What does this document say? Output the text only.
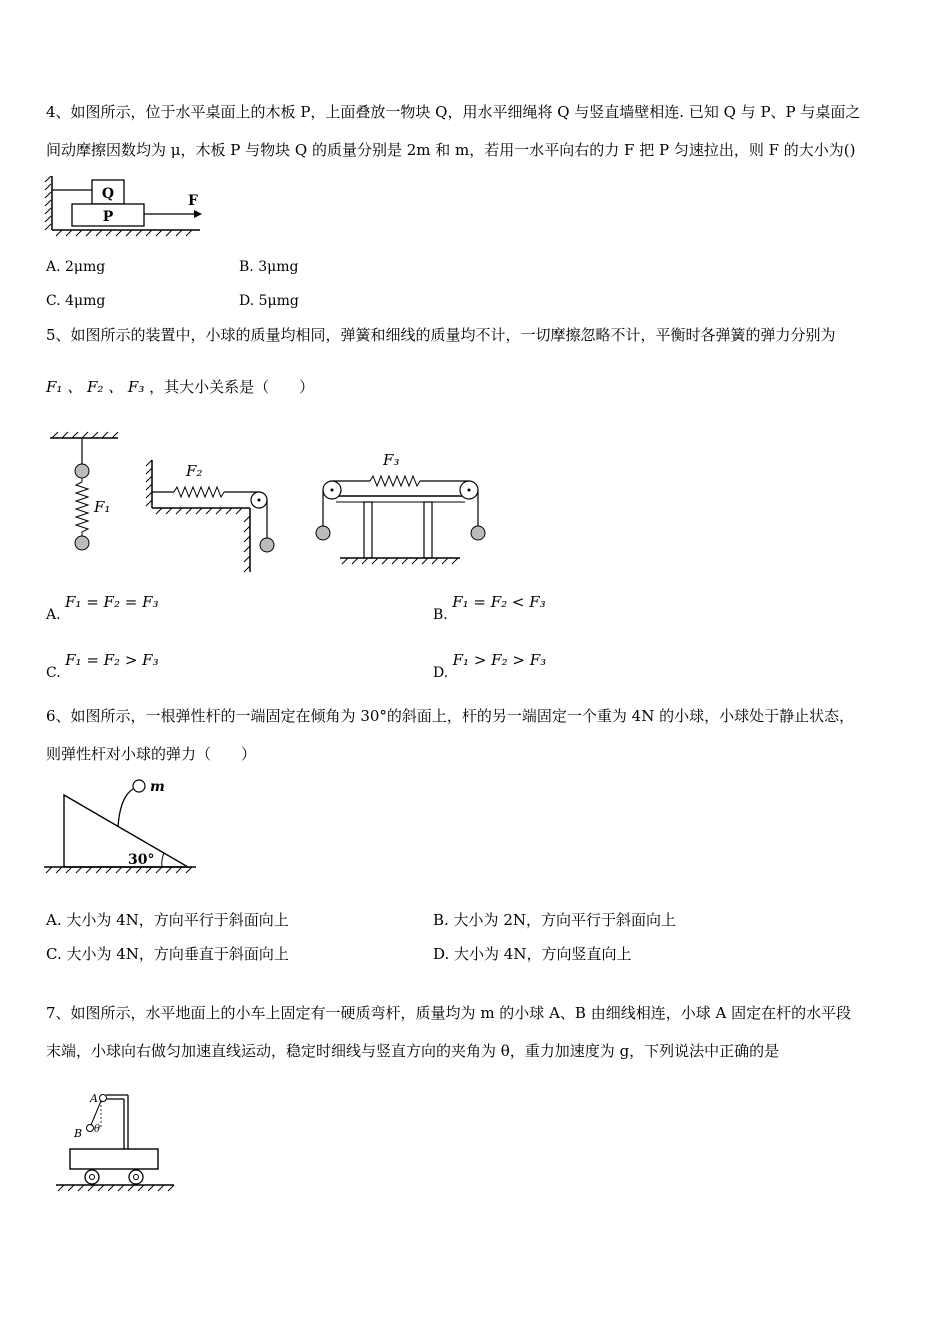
4、如图所示，位于水平桌面上的木板 P，上面叠放一物块 Q，用水平细绳将 Q 与竖直墙壁相连. 已知 Q 与 P、P 与桌面之
间动摩擦因数均为 μ，木板 P 与物块 Q 的质量分别是 2m 和 m，若用一水平向右的力 F 把 P 匀速拉出，则 F 的大小为()
Q
P
F
A. 2μmg	B. 3μmg
C. 4μmg	D. 5μmg
5、如图所示的装置中，小球的质量均相同，弹簧和细线的质量均不计，一切摩擦忽略不计，平衡时各弹簧的弹力分别为
F₁ 、 F₂ 、 F₃ ，其大小关系是（　　）
F₁
F₂
F₃
A. F₁ = F₂ = F₃
B. F₁ = F₂ < F₃
C. F₁ = F₂ > F₃
D. F₁ > F₂ > F₃
6、如图所示，一根弹性杆的一端固定在倾角为 30°的斜面上，杆的另一端固定一个重为 4N 的小球，小球处于静止状态，
则弹性杆对小球的弹力（　　）
m
30°
A. 大小为 4N，方向平行于斜面向上	B. 大小为 2N，方向平行于斜面向上
C. 大小为 4N，方向垂直于斜面向上	D. 大小为 4N，方向竖直向上
7、如图所示，水平地面上的小车上固定有一硬质弯杆，质量均为 m 的小球 A、B 由细线相连，小球 A 固定在杆的水平段
末端，小球向右做匀加速直线运动，稳定时细线与竖直方向的夹角为 θ，重力加速度为 g，下列说法中正确的是
A
B θ
